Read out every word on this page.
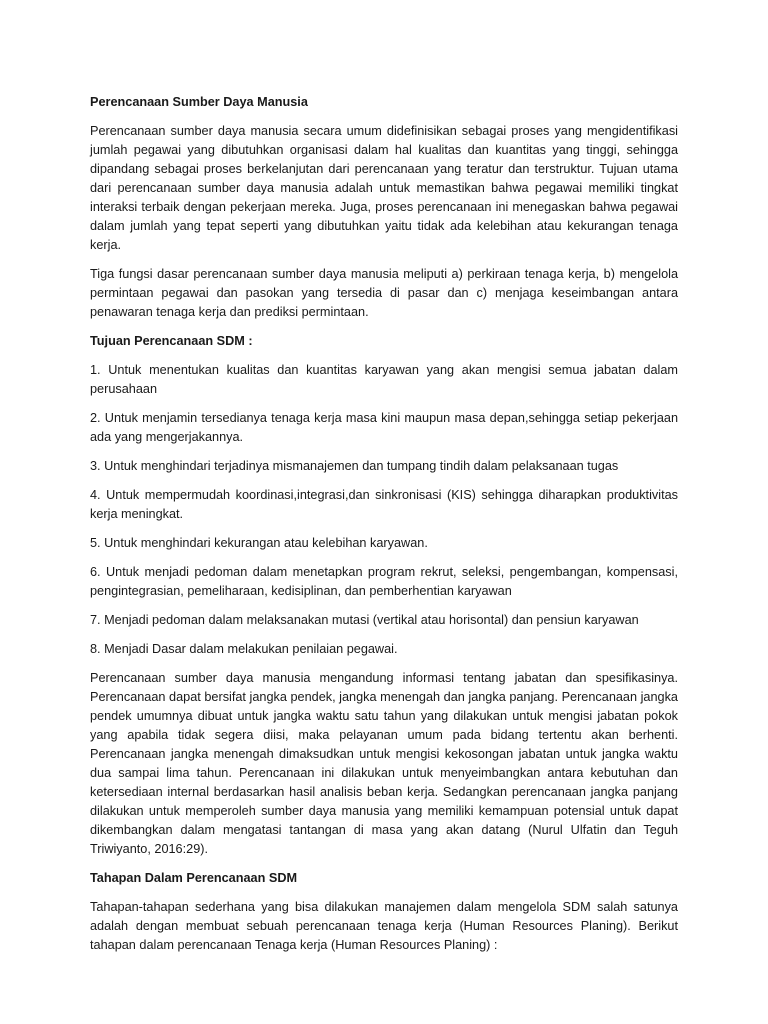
Perencanaan Sumber Daya Manusia

Perencanaan sumber daya manusia secara umum didefinisikan sebagai proses yang mengidentifikasi jumlah pegawai yang dibutuhkan organisasi dalam hal kualitas dan kuantitas yang tinggi, sehingga dipandang sebagai proses berkelanjutan dari perencanaan yang teratur dan terstruktur. Tujuan utama dari perencanaan sumber daya manusia adalah untuk memastikan bahwa pegawai memiliki tingkat interaksi terbaik dengan pekerjaan mereka. Juga, proses perencanaan ini menegaskan bahwa pegawai dalam jumlah yang tepat seperti yang dibutuhkan yaitu tidak ada kelebihan atau kekurangan tenaga kerja.

Tiga fungsi dasar perencanaan sumber daya manusia meliputi a) perkiraan tenaga kerja, b) mengelola permintaan pegawai dan pasokan yang tersedia di pasar dan c) menjaga keseimbangan antara penawaran tenaga kerja dan prediksi permintaan.

Tujuan Perencanaan SDM :
1. Untuk menentukan kualitas dan kuantitas karyawan yang akan mengisi semua jabatan dalam perusahaan
2. Untuk menjamin tersedianya tenaga kerja masa kini maupun masa depan,sehingga setiap pekerjaan ada yang mengerjakannya.
3. Untuk menghindari terjadinya mismanajemen dan tumpang tindih dalam pelaksanaan tugas
4. Untuk mempermudah koordinasi,integrasi,dan sinkronisasi (KIS) sehingga diharapkan produktivitas kerja meningkat.
5. Untuk menghindari kekurangan atau kelebihan karyawan.
6. Untuk menjadi pedoman dalam menetapkan program rekrut, seleksi, pengembangan, kompensasi, pengintegrasian, pemeliharaan, kedisiplinan, dan pemberhentian karyawan
7. Menjadi pedoman dalam melaksanakan mutasi (vertikal atau horisontal) dan pensiun karyawan
8. Menjadi Dasar dalam melakukan penilaian pegawai.

Perencanaan sumber daya manusia mengandung informasi tentang jabatan dan spesifikasinya. Perencanaan dapat bersifat jangka pendek, jangka menengah dan jangka panjang. Perencanaan jangka pendek umumnya dibuat untuk jangka waktu satu tahun yang dilakukan untuk mengisi jabatan pokok yang apabila tidak segera diisi, maka pelayanan umum pada bidang tertentu akan berhenti. Perencanaan jangka menengah dimaksudkan untuk mengisi kekosongan jabatan untuk jangka waktu dua sampai lima tahun. Perencanaan ini dilakukan untuk menyeimbangkan antara kebutuhan dan ketersediaan internal berdasarkan hasil analisis beban kerja. Sedangkan perencanaan jangka panjang dilakukan untuk memperoleh sumber daya manusia yang memiliki kemampuan potensial untuk dapat dikembangkan dalam mengatasi tantangan di masa yang akan datang (Nurul Ulfatin dan Teguh Triwiyanto, 2016:29).

Tahapan Dalam Perencanaan SDM

Tahapan-tahapan sederhana yang bisa dilakukan manajemen dalam mengelola SDM salah satunya adalah dengan membuat sebuah perencanaan tenaga kerja (Human Resources Planing). Berikut tahapan dalam perencanaan Tenaga kerja (Human Resources Planing) :
